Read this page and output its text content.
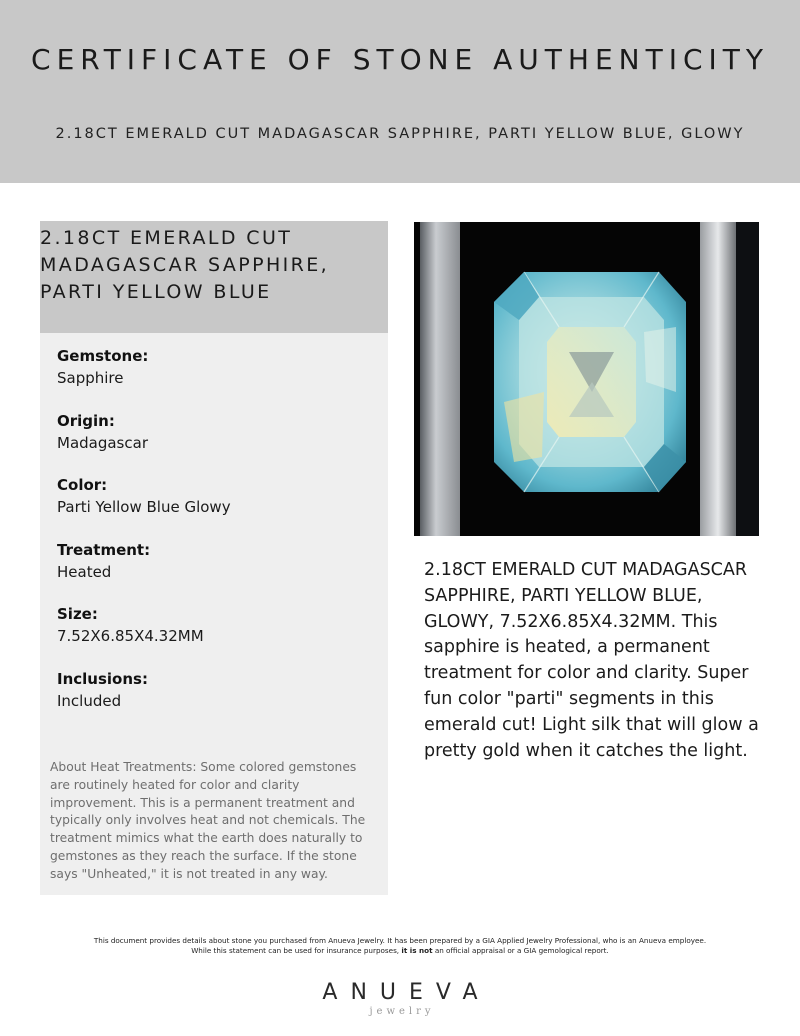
CERTIFICATE OF STONE AUTHENTICITY
2.18CT EMERALD CUT MADAGASCAR SAPPHIRE, PARTI YELLOW BLUE, GLOWY
2.18CT EMERALD CUT MADAGASCAR SAPPHIRE, PARTI YELLOW BLUE
Gemstone:
Sapphire
Origin:
Madagascar
Color:
Parti Yellow Blue Glowy
Treatment:
Heated
Size:
7.52X6.85X4.32MM
Inclusions:
Included
About Heat Treatments: Some colored gemstones are routinely heated for color and clarity improvement. This is a permanent treatment and typically only involves heat and not chemicals. The treatment mimics what the earth does naturally to gemstones as they reach the surface. If the stone says "Unheated," it is not treated in any way.
2.18CT EMERALD CUT MADAGASCAR SAPPHIRE, PARTI YELLOW BLUE, GLOWY, 7.52X6.85X4.32MM. This sapphire is heated, a permanent treatment for color and clarity. Super fun color "parti" segments in this emerald cut! Light silk that will glow a pretty gold when it catches the light.
This document provides details about stone you purchased from Anueva Jewelry. It has been prepared by a GIA Applied Jewelry Professional, who is an Anueva employee.
While this statement can be used for insurance purposes, it is not an official appraisal or a GIA gemological report.
ANUEVA
jewelry
